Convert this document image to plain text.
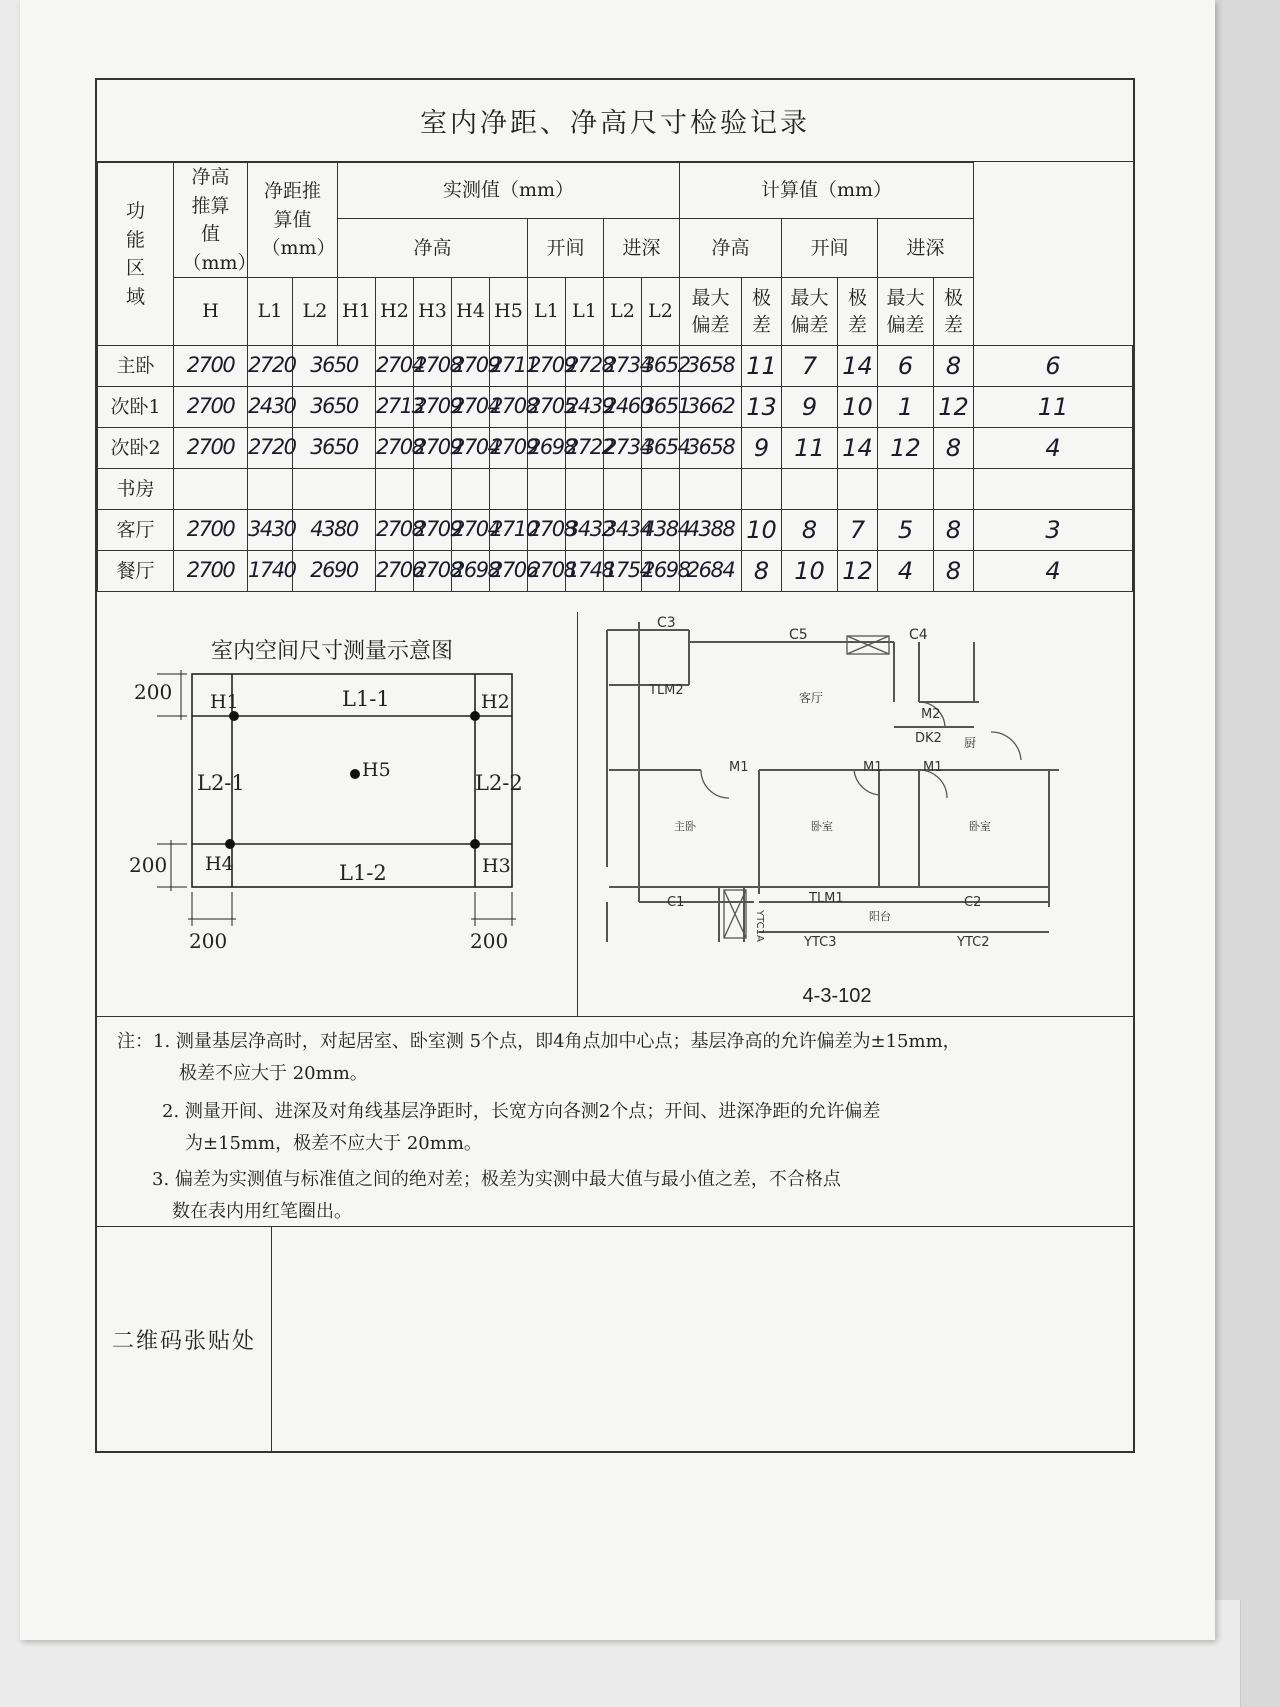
室内净距、净高尺寸检验记录
功能区域	净高推算值（mm）	净距推算值（mm）		实测值（mm）									计算值（mm）						
				净高					开间		进深		净高		开间		进深		
	H	L1	L2	H1	H2	H3	H4	H5	L1	L1	L2	L2	最大偏差	极差	最大偏差	极差	最大偏差	极差	

主卧	2700	2720	3650		2704	2708	2709	2711	2709	2728	2734	3652	3658	11	7	14	6	8	6
次卧1	2700	2430	3650		2713	2709	2704	2708	2705	2439	2460	3651	3662	13	9	10	1	12	11
次卧2	2700	2720	3650		2708	2709	2704	2709	2698	2722	2734	3654	3658	9	11	14	12	8	4
书房																			
客厅	2700	3430	4380		2708	2709	2704	2710	2708	3432	3434	4384	4388	10	8	7	5	8	3
餐厅	2700	1740	2690		2706	2708	2698	2706	2708	1748	1754	2698	2684	8	10	12	4	8	4
室内空间尺寸测量示意图
H1	H2
H4	H3
H5
L1-1
L1-2
L2-1	L2-2
200
200
200	200
C3
C5	C4
TLM2	客厅
M2
DK2 厨
M1	M1	M1
主卧	卧室	卧室
C1
YTC1A
TLM1
阳台
C2
YTC3	YTC2
4-3-102
注：1. 测量基层净高时，对起居室、卧室测 5个点，即4角点加中心点；基层净高的允许偏差为±15mm，
极差不应大于 20mm。
2. 测量开间、进深及对角线基层净距时，长宽方向各测2个点；开间、进深净距的允许偏差
为±15mm，极差不应大于 20mm。
3. 偏差为实测值与标准值之间的绝对差；极差为实测中最大值与最小值之差，不合格点
数在表内用红笔圈出。
二维码张贴处
